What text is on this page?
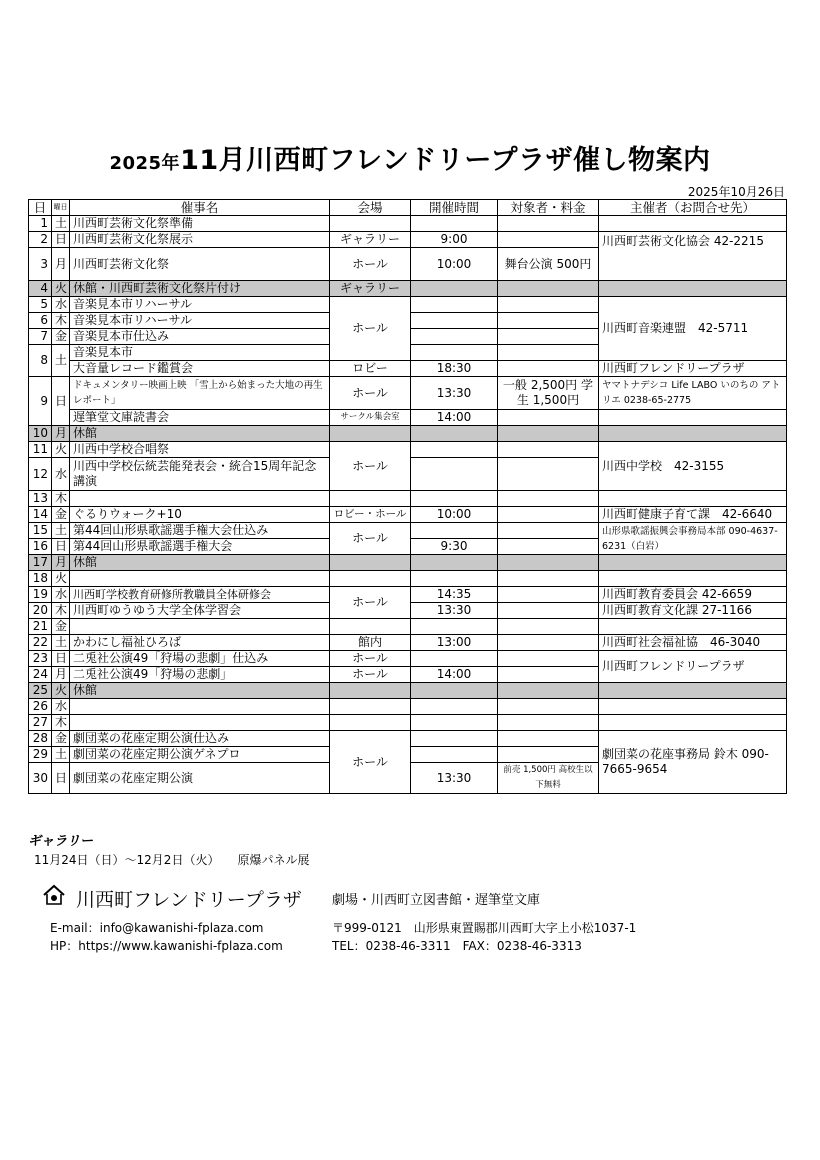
2025年11月川西町フレンドリープラザ催し物案内
2025年10月26日
日	曜日	催事名	会場	開催時間	対象者・料金	主催者（お問合せ先）
1	土	川西町芸術文化祭準備				
2	日	川西町芸術文化祭展示	ギャラリー	9:00		川西町芸術文化協会 42-2215
3	月	川西町芸術文化祭	ホール	10:00	舞台公演 500円	
4	火	休館・川西町芸術文化祭片付け	ギャラリー			
5	水	音楽見本市リハーサル	ホール			川西町音楽連盟　42-5711
6	木	音楽見本市リハーサル				
7	金	音楽見本市仕込み				
8	土	音楽見本市				
		大音量レコード鑑賞会	ロビー	18:30		川西町フレンドリープラザ
9	日	ドキュメンタリー映画上映 「雪上から始まった大地の再生レポート」	ホール	13:30	一般 2,500円 学生 1,500円	ヤマトナデシコ Life LABO いのちの アトリエ 0238-65-2775
		遅筆堂文庫読書会	サークル集会室	14:00		
10	月	休館				
11	火	川西中学校合唱祭	ホール			川西中学校　42-3155
12	水	川西中学校伝統芸能発表会・統合15周年記念講演				
13	木					
14	金	ぐるりウォーク+10	ロビー・ホール	10:00		川西町健康子育て課　42-6640
15	土	第44回山形県歌謡選手権大会仕込み	ホール			山形県歌謡振興会事務局本部 090-4637-6231（白岩）
16	日	第44回山形県歌謡選手権大会		9:30		
17	月	休館				
18	火					
19	水	川西町学校教育研修所教職員全体研修会	ホール	14:35		川西町教育委員会 42-6659
20	木	川西町ゆうゆう大学全体学習会		13:30		川西町教育文化課 27-1166
21	金					
22	土	かわにし福祉ひろば	館内	13:00		川西町社会福祉協　46-3040
23	日	二兎社公演49「狩場の悲劇」仕込み	ホール			川西町フレンドリープラザ
24	月	二兎社公演49「狩場の悲劇」	ホール	14:00		
25	火	休館				
26	水					
27	木					
28	金	劇団菜の花座定期公演仕込み	ホール			劇団菜の花座事務局 鈴木 090-7665-9654
29	土	劇団菜の花座定期公演ゲネプロ				
30	日	劇団菜の花座定期公演		13:30	前売 1,500円 高校生以下無料	
ギャラリー
11月24日（日）～12月2日（火） 原爆パネル展
川西町フレンドリープラザ 劇場・川西町立図書館・遅筆堂文庫
E-mail：info@kawanishi-fplaza.com
HP：https://www.kawanishi-fplaza.com
〒999-0121　山形県東置賜郡川西町大字上小松1037-1
TEL：0238-46-3311　FAX：0238-46-3313
